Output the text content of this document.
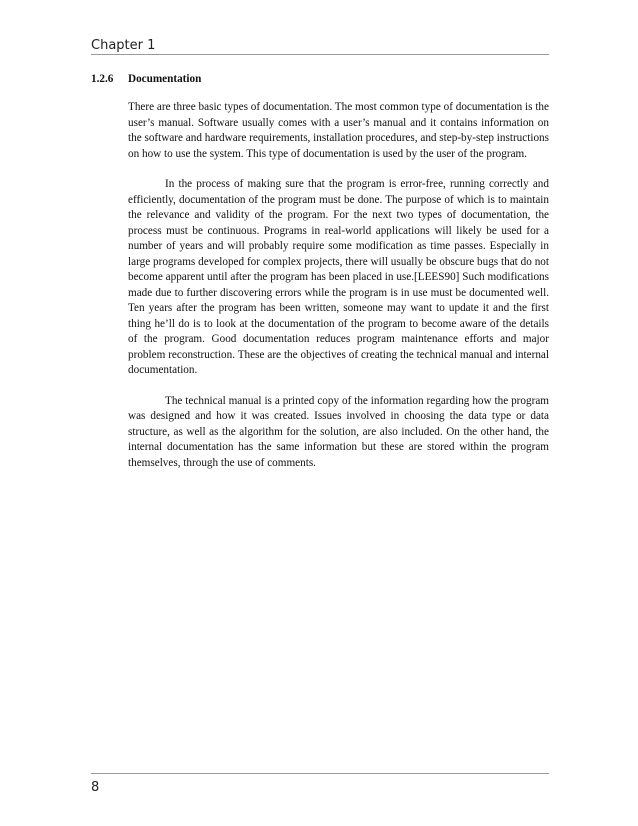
Chapter 1
1.2.6 Documentation

There are three basic types of documentation. The most common type of documentation is the user’s manual. Software usually comes with a user’s manual and it contains information on the software and hardware requirements, installation procedures, and step-by-step instructions on how to use the system. This type of documentation is used by the user of the program.

In the process of making sure that the program is error-free, running correctly and efficiently, documentation of the program must be done. The purpose of which is to maintain the relevance and validity of the program. For the next two types of documentation, the process must be continuous. Programs in real-world applications will likely be used for a number of years and will probably require some modification as time passes. Especially in large programs developed for complex projects, there will usually be obscure bugs that do not become apparent until after the program has been placed in use.[LEES90] Such modifications made due to further discovering errors while the program is in use must be documented well. Ten years after the program has been written, someone may want to update it and the first thing he’ll do is to look at the documentation of the program to become aware of the details of the program. Good documentation reduces program maintenance efforts and major problem reconstruction. These are the objectives of creating the technical manual and internal documentation.

The technical manual is a printed copy of the information regarding how the program was designed and how it was created. Issues involved in choosing the data type or data structure, as well as the algorithm for the solution, are also included. On the other hand, the internal documentation has the same information but these are stored within the program themselves, through the use of comments.

8
